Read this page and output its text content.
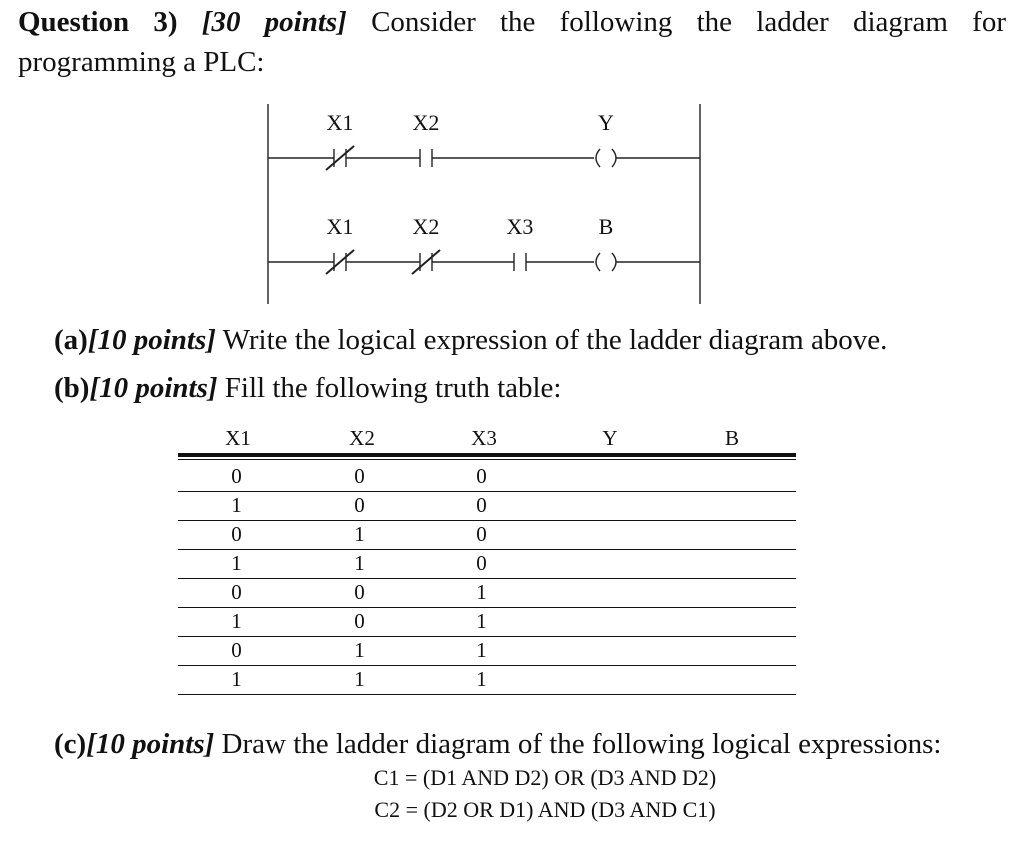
Question 3) [30 points] Consider the following the ladder diagram for
programming a PLC:
X1	X2	Y
X1	X2	X3	B
(a)[10 points] Write the logical expression of the ladder diagram above.
(b)[10 points] Fill the following truth table:
X1	X2	X3	Y	B
0	0	0
1	0	0
0	1	0
1	1	0
0	0	1
1	0	1
0	1	1
1	1	1
(c)[10 points] Draw the ladder diagram of the following logical expressions:
C1 = (D1 AND D2) OR (D3 AND D2)
C2 = (D2 OR D1) AND (D3 AND C1)
